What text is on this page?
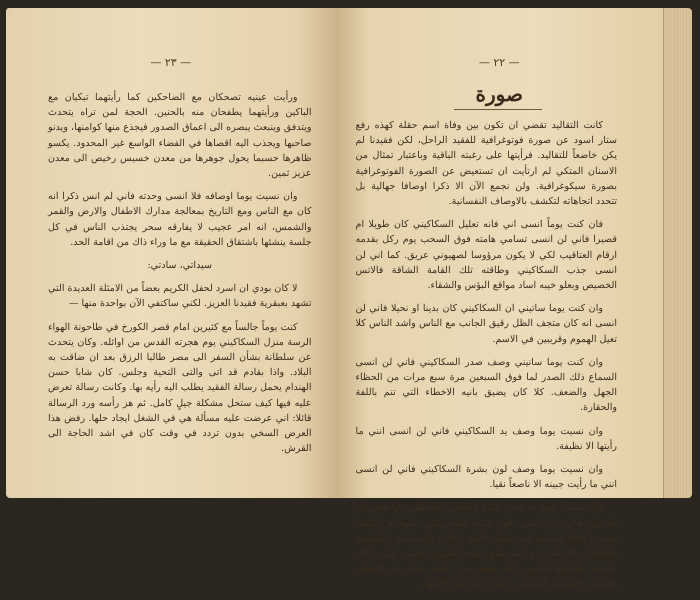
— ٢٣ —

ورأيت عينيه تصحكان مع الضاحكين كما رأيتهما تبكيان مع الباكين ورأيتهما يطفحان منه بالحنين. الحجة لمن تراه يتحدث ويتدفق وينبعث يبصره الى اعماق الصدور فيجذع منها كوامنها، ويدنو صاحبها ويجذب اليه اقصاها في الفضاء الواسع غير المحدود. يكسو ظاهرها حسبما يحول جوهرها من معدن خسيس رخيص الى معدن عزيز ثمين.

وان نسيت يوما اوصافه فلا انسى وحدته فاني لم انس ذكرا انه كان مع الناس ومع التاريخ بمعالجة مدارك الاطفال والارض والقمر والشمس، انه امر عجيب لا يفارقه سحر يجتذب الناس في كل جلسة ينشئها باشتقاق الحقيقة مع ما وراء ذاك من اقامة الحد.

سيداتي، سادتي:

لا كان بودي ان اسرد لحفل الكريم بعضاً من الامثلة العديدة التي تشهد بعبقرية فقيدنا العزيز. لكني ساكتفي الآن بواحدة منها —

كنت يوماً جالساً مع كثيرين امام قصر الكورخ في طاحونة الهواء الرسة منزل السكاكيني يوم هجرته القدس من اوائله. وكان يتحدث عن سلطانة بشأن السفر الى مصر طالبا الرزق بعد ان ضاقت به البلاد. واذا بقادم قد اتى والتى التحية وجلس. كان شابا حسن الهندام يحمل رسالة الفقيد يطلب اليه رأيه بها. وكانت رسالة تعرض عليه فيها كيف ستحل مشكلة جيلٍ كامل. ثم هز رأسه ورد الرسالة قائلا: اني عرضت عليه مسألة هي في الشغل ايجاد حلها. رفض هذا العرض السخي بدون تردد في وقت كان في اشد الحاجة الى القرش.

— ٢٢ —
صورة

كانت التقاليد تقضي ان تكون بين وفاة اسم حقلة كهذه رفع ستار اسود عن صورة فوتوغرافية للفقيد الراحل، لكن فقيدنا لم يكن خاضعاً للتقاليد. فرأيتها على رغبته الباقية وباعتبار تمثال من الاسنان المتكي لم ارتأيت ان تستعيض عن الصورة الفوتوغرافية بصورة سيكوغرافية. ولن نجمع الآن الا ذكرا اوصافا جهالية بل تتحدد اتجاهاته لتكشف بالاوصاف النفسانية.

فان كنت يوماً انسى اني فانه تعليل السكاكيني كان طويلا ام قصيرا فاني لن انسى تسامي هامته فوق السحب يوم ركل بقدمه ارقام العتاقيب لكي لا يكون مرؤوسا لصهيوني عريق. كما اني لن انسى جذب السكاكيني وطاقته تلك القامة الشاقة فالاتس الخصيص وبعلو خيبه اساد مواقع البؤس والشقاء.

وان كنت يوما ساتيني ان السكاكيني كان بدينا او نحيلا فاني لن انسى انه كان متجف الظل رقيق الجانب مع الناس واشد الناس كلا تعيل الهموم وقريبين في الاسم.

وان كنت يوما سانيني وصف صدر السكاكيني فاني لن انسى السماع ذلك الصدر لما فوق السبعين مرة سبع مرات من الحظاء الجهل والضعف. كلا كان يضيق بانيه الاخطاء التي تنم باللفة والحقارة.

وان نسيت يوما وصف يد السكاكيني فاني لن انسى انني ما رأيتها الا نظيفة.

وان نسيت يوما وصف لون بشرة السكاكيني فاني لن انسى انني ما رأيت جبينه الا ناصعاً نقيا.

وان نسيت يوما ما كانت عيناه واسعتين جاحظتين او صغيرتين خاديتين فاني لن انسى قوة عينيه السحريتين، شهدتيه يكشف بصيرته افاقاً شاسعة في حقول العلم والادب والسياسة والفلسفة والعلاقات الانسانية، ورأيته يلمع عينيه الفوتوغرافيتين على اوكار الخسة فيحرقها فاعور. كما يفيض من عينيه سيلا من العطف والحنان الانسانية الجديدة رحمة ازدت شيئا لالامها.
